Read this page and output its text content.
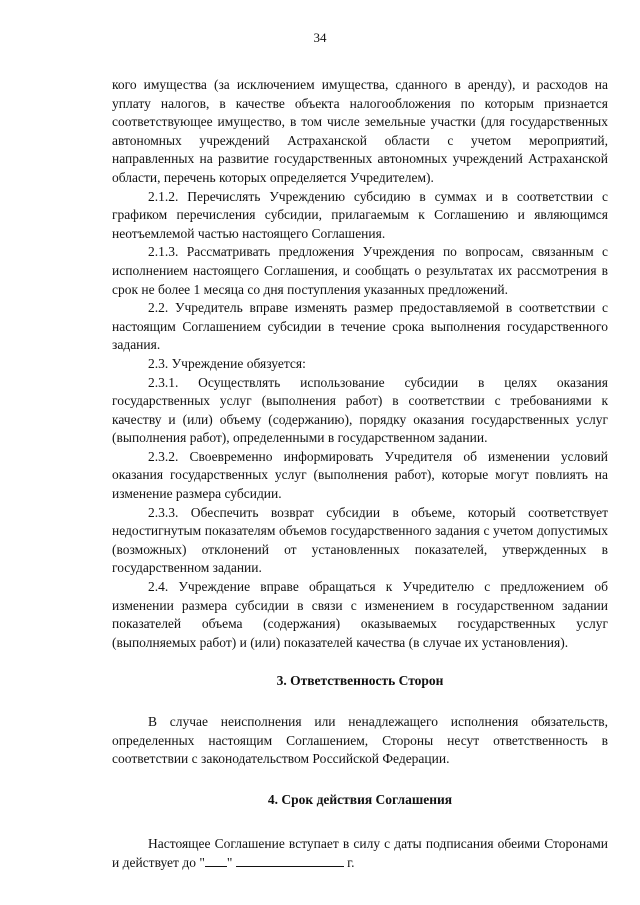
34

кого имущества (за исключением имущества, сданного в аренду), и расходов на уплату налогов, в качестве объекта налогообложения по которым признается соответствующее имущество, в том числе земельные участки (для государственных автономных учреждений Астраханской области с учетом мероприятий, направленных на развитие государственных автономных учреждений Астраханской области, перечень которых определяется Учредителем).

2.1.2. Перечислять Учреждению субсидию в суммах и в соответствии с графиком перечисления субсидии, прилагаемым к Соглашению и являющимся неотъемлемой частью настоящего Соглашения.

2.1.3. Рассматривать предложения Учреждения по вопросам, связанным с исполнением настоящего Соглашения, и сообщать о результатах их рассмотрения в срок не более 1 месяца со дня поступления указанных предложений.

2.2. Учредитель вправе изменять размер предоставляемой в соответствии с настоящим Соглашением субсидии в течение срока выполнения государственного задания.

2.3. Учреждение обязуется:

2.3.1. Осуществлять использование субсидии в целях оказания государственных услуг (выполнения работ) в соответствии с требованиями к качеству и (или) объему (содержанию), порядку оказания государственных услуг (выполнения работ), определенными в государственном задании.

2.3.2. Своевременно информировать Учредителя об изменении условий оказания государственных услуг (выполнения работ), которые могут повлиять на изменение размера субсидии.

2.3.3. Обеспечить возврат субсидии в объеме, который соответствует недостигнутым показателям объемов государственного задания с учетом допустимых (возможных) отклонений от установленных показателей, утвержденных в государственном задании.

2.4. Учреждение вправе обращаться к Учредителю с предложением об изменении размера субсидии в связи с изменением в государственном задании показателей объема (содержания) оказываемых государственных услуг (выполняемых работ) и (или) показателей качества (в случае их установления).

3. Ответственность Сторон

В случае неисполнения или ненадлежащего исполнения обязательств, определенных настоящим Соглашением, Стороны несут ответственность в соответствии с законодательством Российской Федерации.

4. Срок действия Соглашения

Настоящее Соглашение вступает в силу с даты подписания обеими Сторонами и действует до " "	г.
